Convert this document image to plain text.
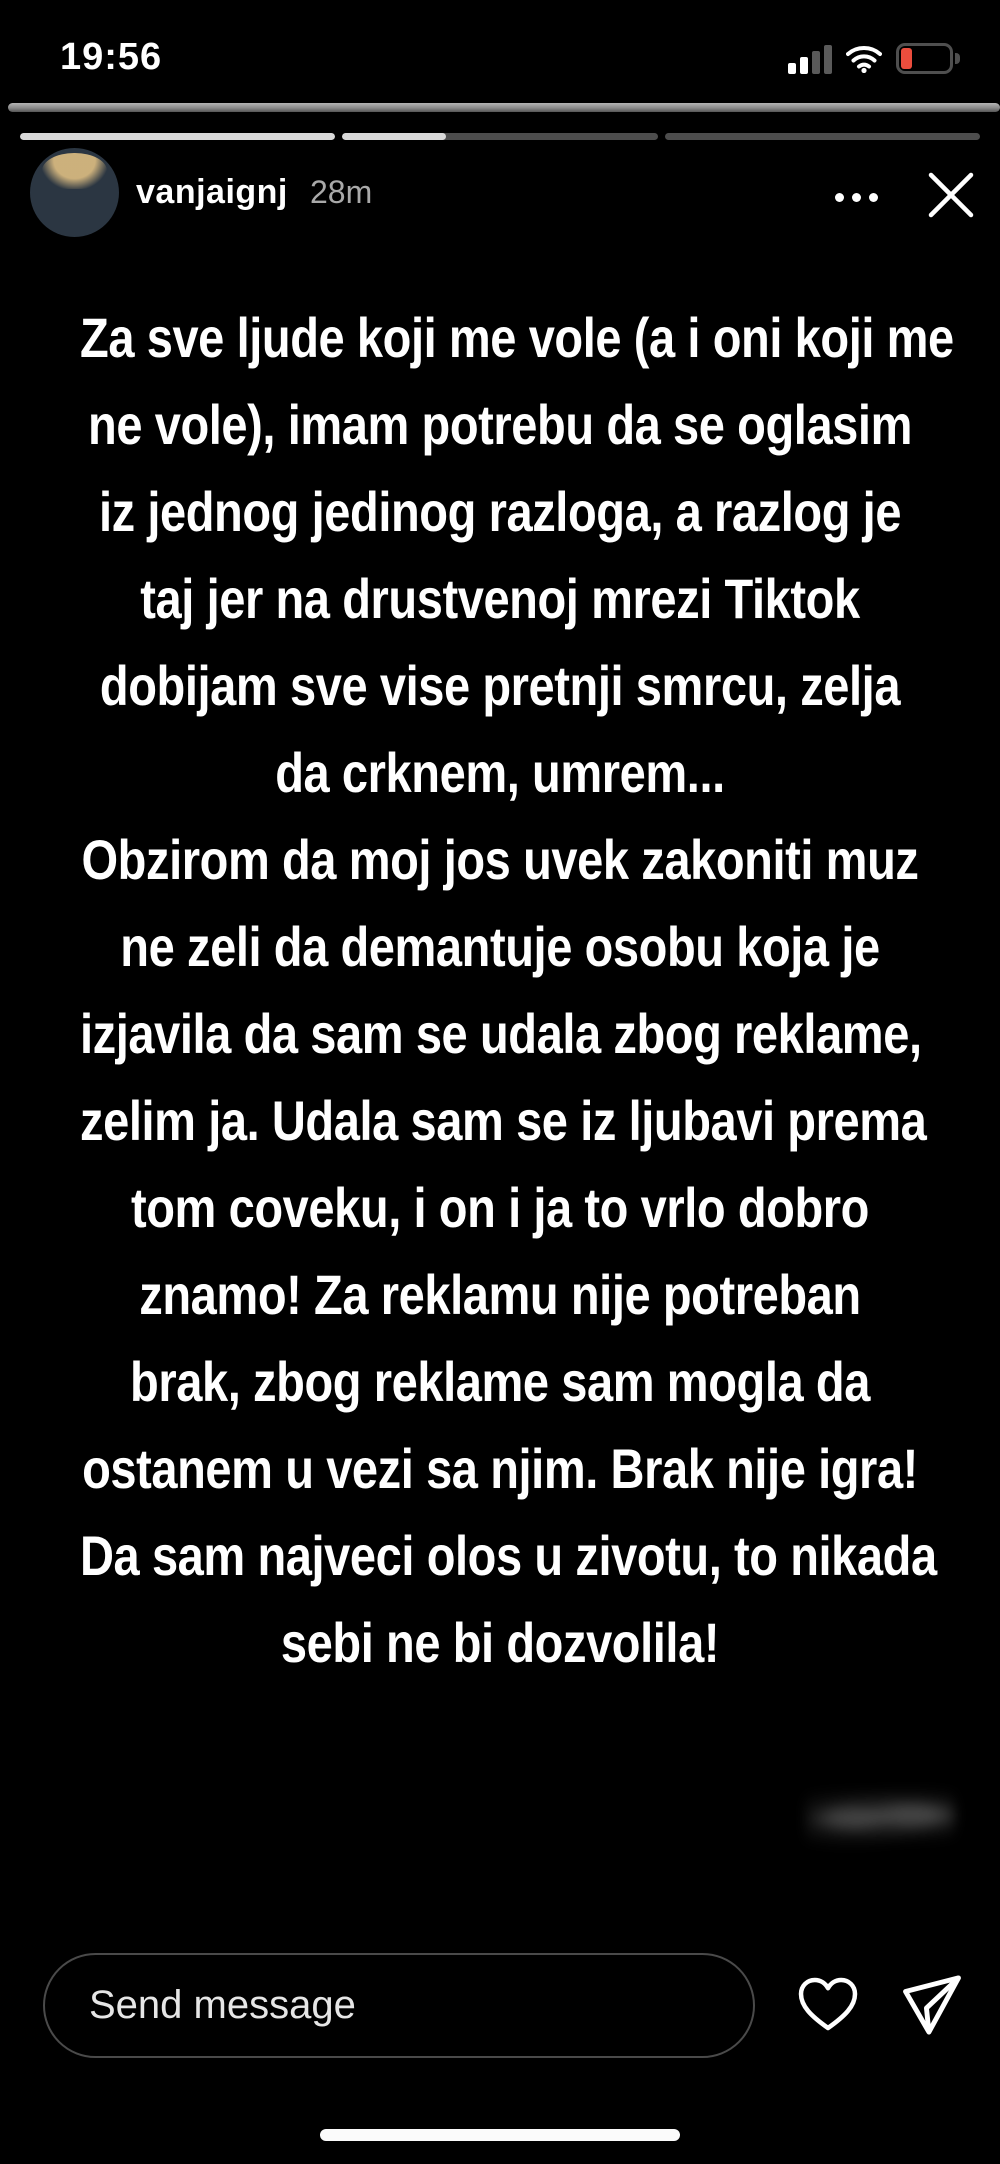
19:56
vanjaignj 28m
Za sve ljude koji me vole (a i oni koji me
ne vole), imam potrebu da se oglasim
iz jednog jedinog razloga, a razlog je
taj jer na drustvenoj mrezi Tiktok
dobijam sve vise pretnji smrcu, zelja
da crknem, umrem...
Obzirom da moj jos uvek zakoniti muz
ne zeli da demantuje osobu koja je
izjavila da sam se udala zbog reklame,
zelim ja. Udala sam se iz ljubavi prema
tom coveku, i on i ja to vrlo dobro
znamo! Za reklamu nije potreban
brak, zbog reklame sam mogla da
ostanem u vezi sa njim. Brak nije igra!
Da sam najveci olos u zivotu, to nikada
sebi ne bi dozvolila!
Send message
